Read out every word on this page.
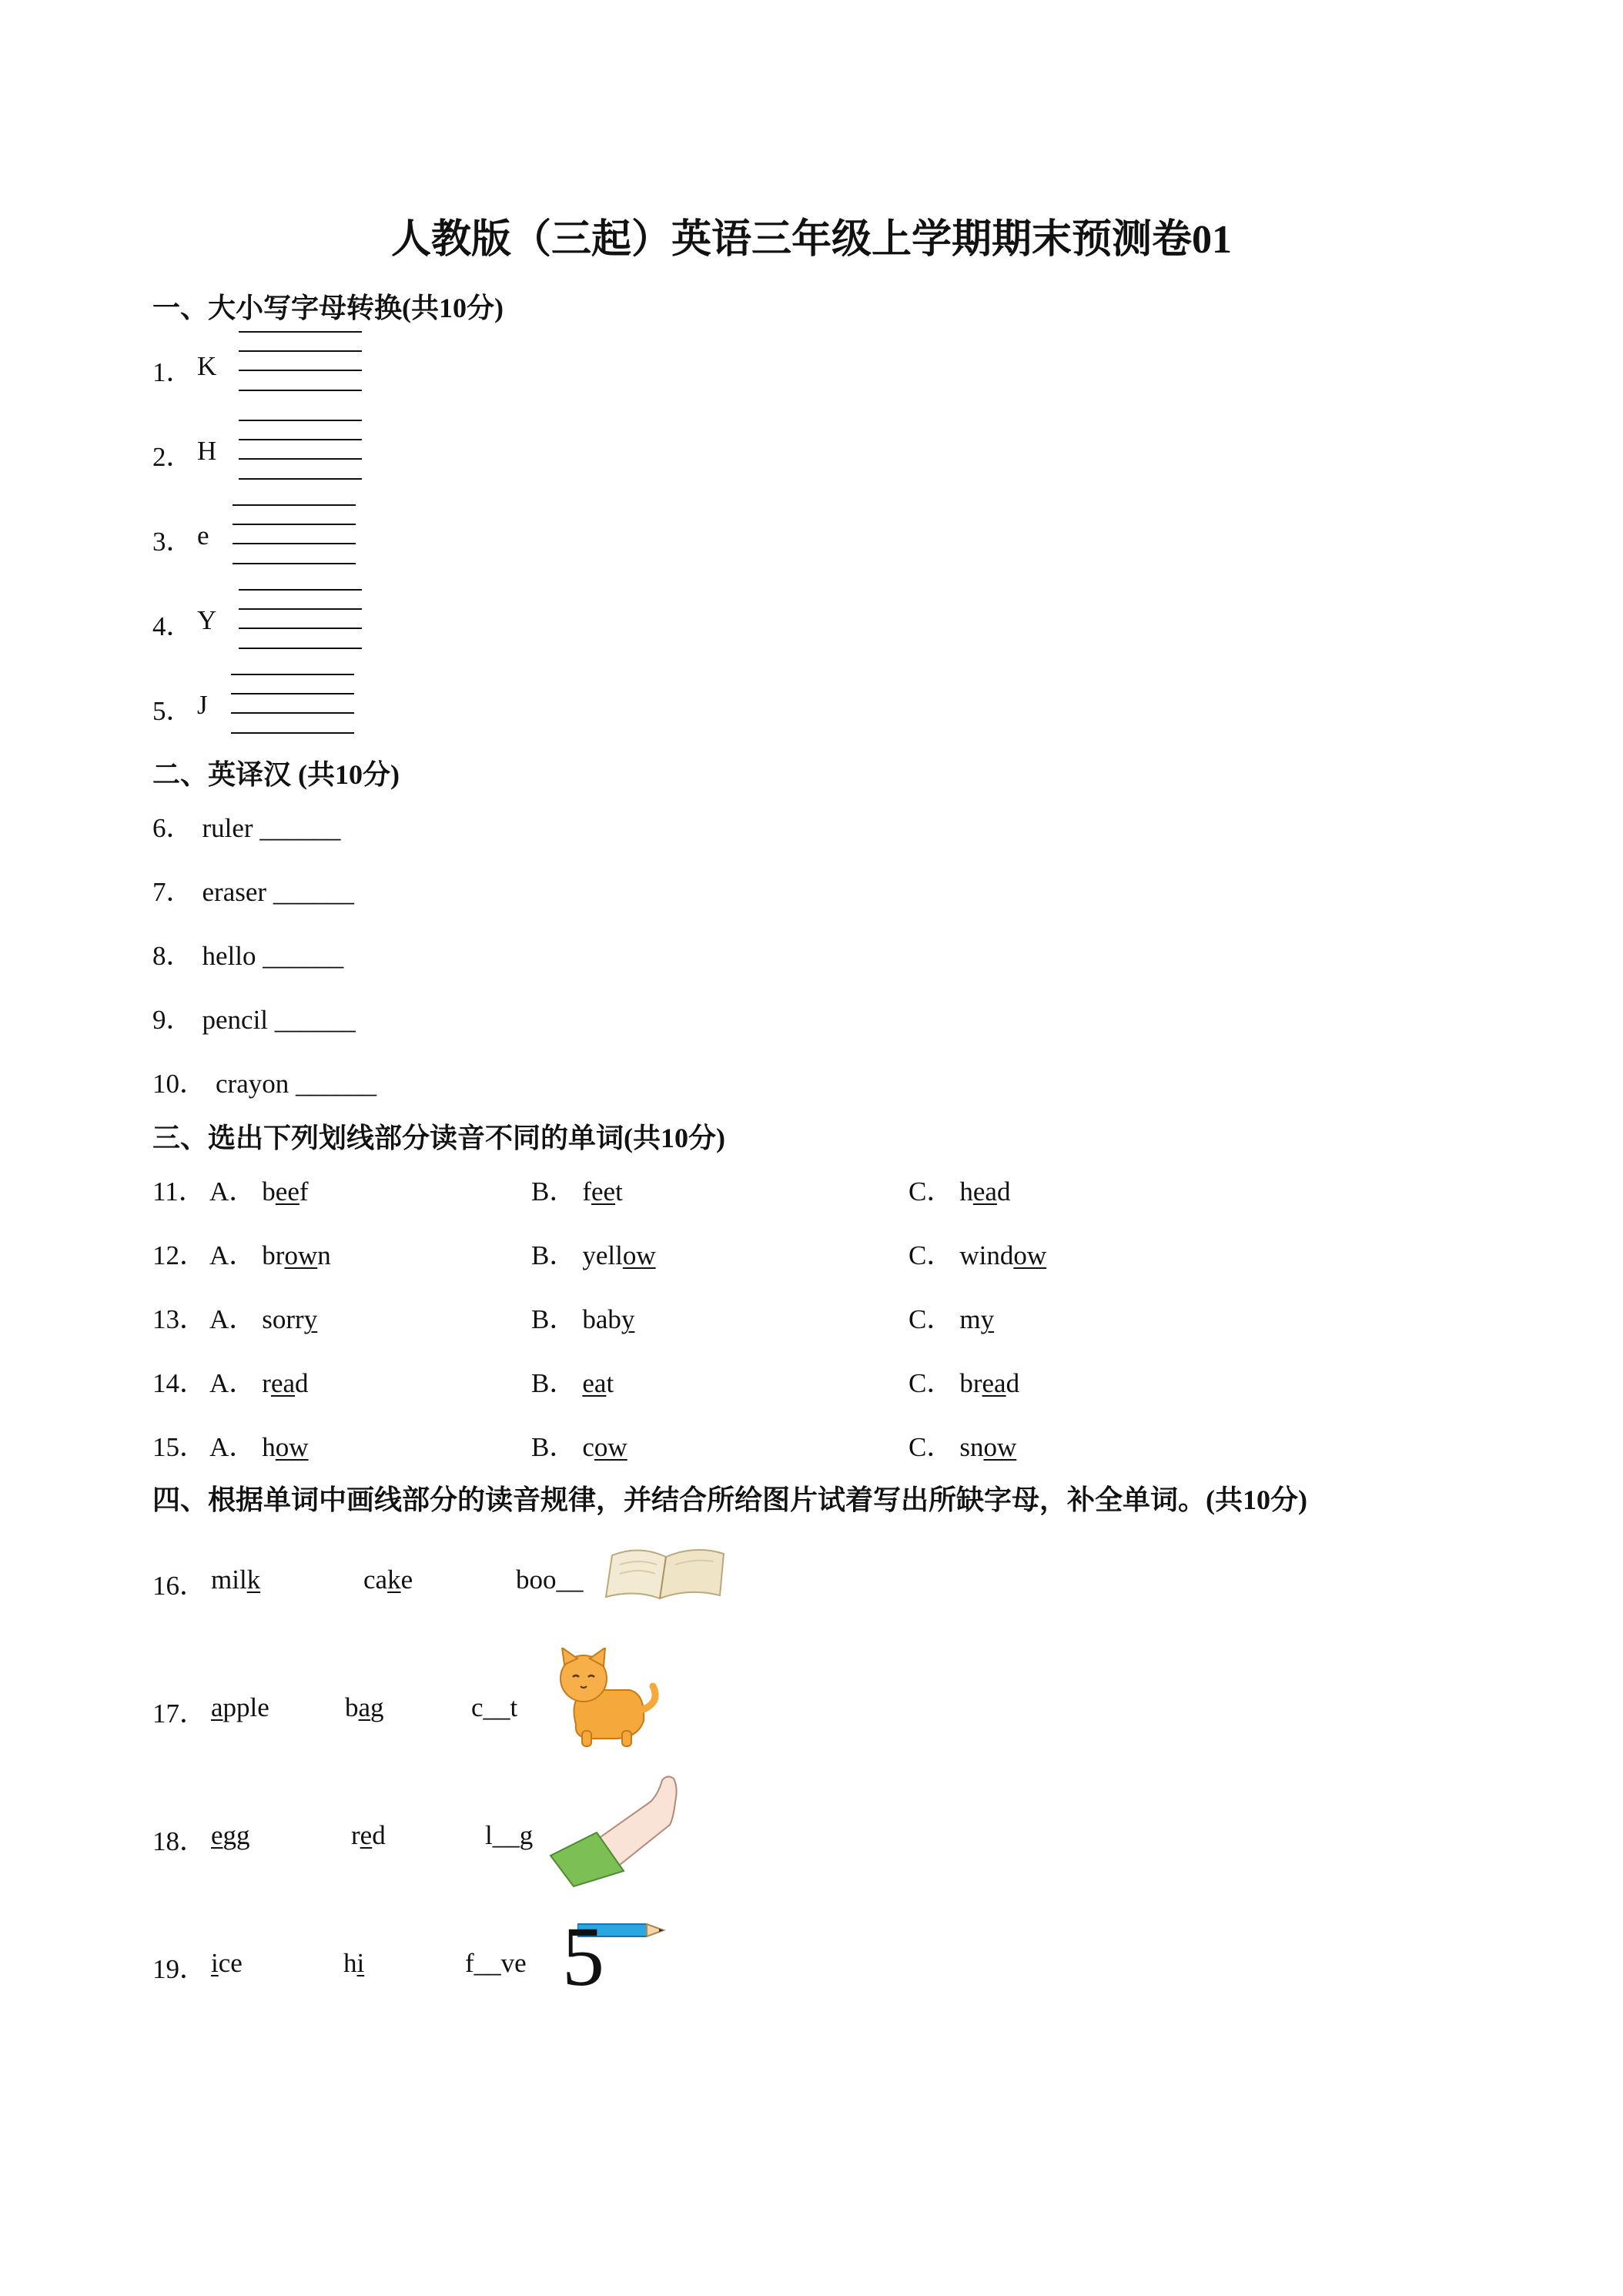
人教版（三起）英语三年级上学期期末预测卷01
一、大小写字母转换(共10分)
1． K
2． H
3． e
4． Y
5． J
二、英译汉 (共10分)
6． ruler ______
7． eraser ______
8． hello ______
9． pencil ______
10． crayon ______
三、选出下列划线部分读音不同的单词(共10分)
11． A． beef	B． feet	C． head
12． A． brown	B． yellow	C． window
13． A． sorry	B． baby	C． my
14． A． read	B． eat	C． bread
15． A． how	B． cow	C． snow
四、根据单词中画线部分的读音规律，并结合所给图片试着写出所缺字母，补全单词。(共10分)
16． milk	cake	boo__
17． apple	bag	c__t
18． egg	red	l__g
19． ice	hi	f__ve 5
